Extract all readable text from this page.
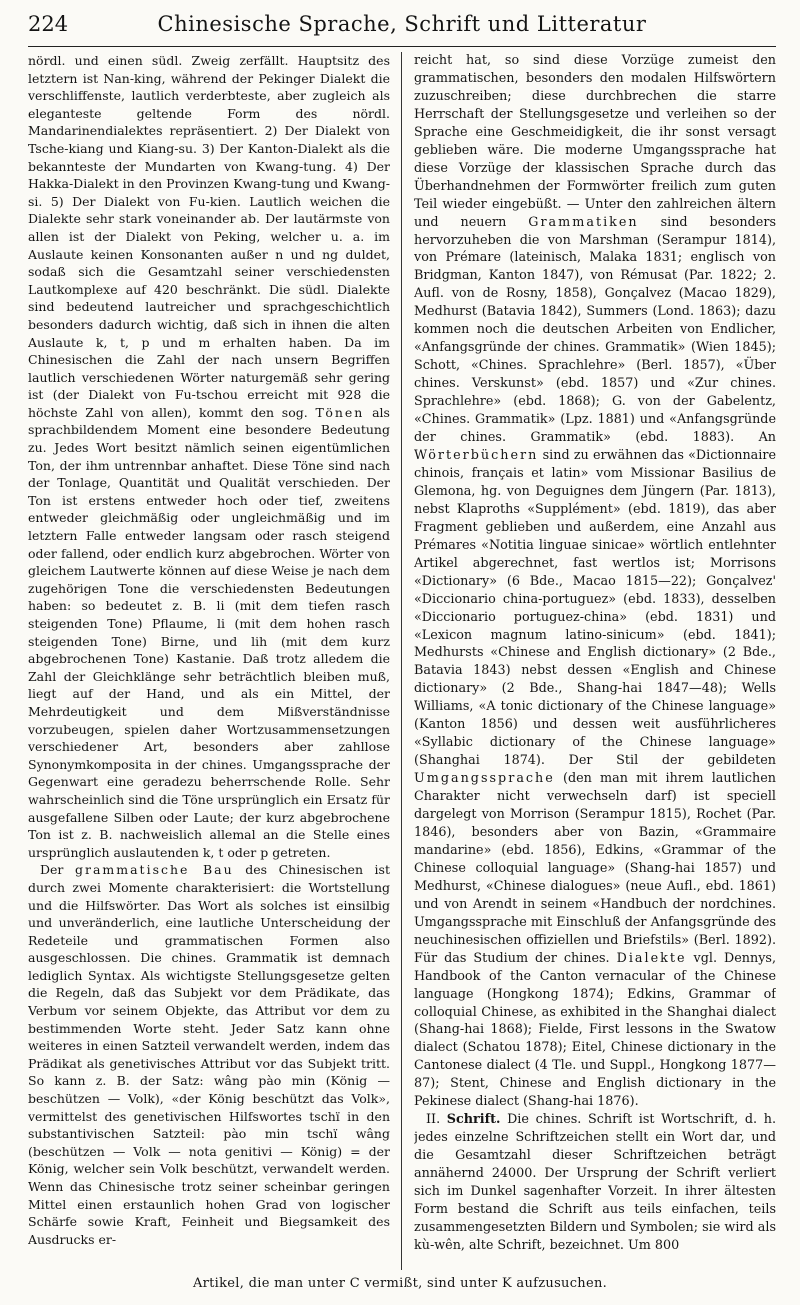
224	Chinesische Sprache, Schrift und Litteratur

nördl. und einen südl. Zweig zerfällt. Hauptsitz des letztern ist Nan-king, während der Pekinger Dialekt die verschliffenste, lautlich verderbteste, aber zugleich als eleganteste geltende Form des nördl. Mandarinendialektes repräsentiert. 2) Der Dialekt von Tsche-kiang und Kiang-su. 3) Der Kanton-Dialekt als die bekannteste der Mundarten von Kwang-tung. 4) Der Hakka-Dialekt in den Provinzen Kwang-tung und Kwang-si. 5) Der Dialekt von Fu-kien. Lautlich weichen die Dialekte sehr stark voneinander ab. Der lautärmste von allen ist der Dialekt von Peking, welcher u. a. im Auslaute keinen Konsonanten außer n und ng duldet, sodaß sich die Gesamtzahl seiner verschiedensten Lautkomplexe auf 420 beschränkt. Die südl. Dialekte sind bedeutend lautreicher und sprachgeschichtlich besonders dadurch wichtig, daß sich in ihnen die alten Auslaute k, t, p und m erhalten haben. Da im Chinesischen die Zahl der nach unsern Begriffen lautlich verschiedenen Wörter naturgemäß sehr gering ist (der Dialekt von Fu-tschou erreicht mit 928 die höchste Zahl von allen), kommt den sog. Tönen als sprachbildendem Moment eine besondere Bedeutung zu. Jedes Wort besitzt nämlich seinen eigentümlichen Ton, der ihm untrennbar anhaftet. Diese Töne sind nach der Tonlage, Quantität und Qualität verschieden. Der Ton ist erstens entweder hoch oder tief, zweitens entweder gleichmäßig oder ungleichmäßig und im letztern Falle entweder langsam oder rasch steigend oder fallend, oder endlich kurz abgebrochen. Wörter von gleichem Lautwerte können auf diese Weise je nach dem zugehörigen Tone die verschiedensten Bedeutungen haben: so bedeutet z. B. li (mit dem tiefen rasch steigenden Tone) Pflaume, li (mit dem hohen rasch steigenden Tone) Birne, und lih (mit dem kurz abgebrochenen Tone) Kastanie. Daß trotz alledem die Zahl der Gleichklänge sehr beträchtlich bleiben muß, liegt auf der Hand, und als ein Mittel, der Mehrdeutigkeit und dem Mißverständnisse vorzubeugen, spielen daher Wortzusammensetzungen verschiedener Art, besonders aber zahllose Synonymkomposita in der chines. Umgangssprache der Gegenwart eine geradezu beherrschende Rolle. Sehr wahrscheinlich sind die Töne ursprünglich ein Ersatz für ausgefallene Silben oder Laute; der kurz abgebrochene Ton ist z. B. nachweislich allemal an die Stelle eines ursprünglich auslautenden k, t oder p getreten.

Der grammatische Bau des Chinesischen ist durch zwei Momente charakterisiert: die Wortstellung und die Hilfswörter. Das Wort als solches ist einsilbig und unveränderlich, eine lautliche Unterscheidung der Redeteile und grammatischen Formen also ausgeschlossen. Die chines. Grammatik ist demnach lediglich Syntax. Als wichtigste Stellungsgesetze gelten die Regeln, daß das Subjekt vor dem Prädikate, das Verbum vor seinem Objekte, das Attribut vor dem zu bestimmenden Worte steht. Jeder Satz kann ohne weiteres in einen Satzteil verwandelt werden, indem das Prädikat als genetivisches Attribut vor das Subjekt tritt. So kann z. B. der Satz: wâng pào min (König — beschützen — Volk), «der König beschützt das Volk», vermittelst des genetivischen Hilfswortes tschï in den substantivischen Satzteil: pào min tschï wâng (beschützen — Volk — nota genitivi — König) = der König, welcher sein Volk beschützt, verwandelt werden. Wenn das Chinesische trotz seiner scheinbar geringen Mittel einen erstaunlich hohen Grad von logischer Schärfe sowie Kraft, Feinheit und Biegsamkeit des Ausdrucks er-

reicht hat, so sind diese Vorzüge zumeist den grammatischen, besonders den modalen Hilfswörtern zuzuschreiben; diese durchbrechen die starre Herrschaft der Stellungsgesetze und verleihen so der Sprache eine Geschmeidigkeit, die ihr sonst versagt geblieben wäre. Die moderne Umgangssprache hat diese Vorzüge der klassischen Sprache durch das Überhandnehmen der Formwörter freilich zum guten Teil wieder eingebüßt. — Unter den zahlreichen ältern und neuern Grammatiken sind besonders hervorzuheben die von Marshman (Serampur 1814), von Prémare (lateinisch, Malaka 1831; englisch von Bridgman, Kanton 1847), von Rémusat (Par. 1822; 2. Aufl. von de Rosny, 1858), Gonçalvez (Macao 1829), Medhurst (Batavia 1842), Summers (Lond. 1863); dazu kommen noch die deutschen Arbeiten von Endlicher, «Anfangsgründe der chines. Grammatik» (Wien 1845); Schott, «Chines. Sprachlehre» (Berl. 1857), «Über chines. Verskunst» (ebd. 1857) und «Zur chines. Sprachlehre» (ebd. 1868); G. von der Gabelentz, «Chines. Grammatik» (Lpz. 1881) und «Anfangsgründe der chines. Grammatik» (ebd. 1883). An Wörterbüchern sind zu erwähnen das «Dictionnaire chinois, français et latin» vom Missionar Basilius de Glemona, hg. von Deguignes dem Jüngern (Par. 1813), nebst Klaproths «Supplément» (ebd. 1819), das aber Fragment geblieben und außerdem, eine Anzahl aus Prémares «Notitia linguae sinicae» wörtlich entlehnter Artikel abgerechnet, fast wertlos ist; Morrisons «Dictionary» (6 Bde., Macao 1815—22); Gonçalvez' «Diccionario china-portuguez» (ebd. 1833), desselben «Diccionario portuguez-china» (ebd. 1831) und «Lexicon magnum latino-sinicum» (ebd. 1841); Medhursts «Chinese and English dictionary» (2 Bde., Batavia 1843) nebst dessen «English and Chinese dictionary» (2 Bde., Shang-hai 1847—48); Wells Williams, «A tonic dictionary of the Chinese language» (Kanton 1856) und dessen weit ausführlicheres «Syllabic dictionary of the Chinese language» (Shanghai 1874). Der Stil der gebildeten Umgangssprache (den man mit ihrem lautlichen Charakter nicht verwechseln darf) ist speciell dargelegt von Morrison (Serampur 1815), Rochet (Par. 1846), besonders aber von Bazin, «Grammaire mandarine» (ebd. 1856), Edkins, «Grammar of the Chinese colloquial language» (Shang-hai 1857) und Medhurst, «Chinese dialogues» (neue Aufl., ebd. 1861) und von Arendt in seinem «Handbuch der nordchines. Umgangssprache mit Einschluß der Anfangsgründe des neuchinesischen offiziellen und Briefstils» (Berl. 1892). Für das Studium der chines. Dialekte vgl. Dennys, Handbook of the Canton vernacular of the Chinese language (Hongkong 1874); Edkins, Grammar of colloquial Chinese, as exhibited in the Shanghai dialect (Shang-hai 1868); Fielde, First lessons in the Swatow dialect (Schatou 1878); Eitel, Chinese dictionary in the Cantonese dialect (4 Tle. und Suppl., Hongkong 1877—87); Stent, Chinese and English dictionary in the Pekinese dialect (Shang-hai 1876).

II. Schrift. Die chines. Schrift ist Wortschrift, d. h. jedes einzelne Schriftzeichen stellt ein Wort dar, und die Gesamtzahl dieser Schriftzeichen beträgt annähernd 24000. Der Ursprung der Schrift verliert sich im Dunkel sagenhafter Vorzeit. In ihrer ältesten Form bestand die Schrift aus teils einfachen, teils zusammengesetzten Bildern und Symbolen; sie wird als kù-wên, alte Schrift, bezeichnet. Um 800

Artikel, die man unter C vermißt, sind unter K aufzusuchen.
